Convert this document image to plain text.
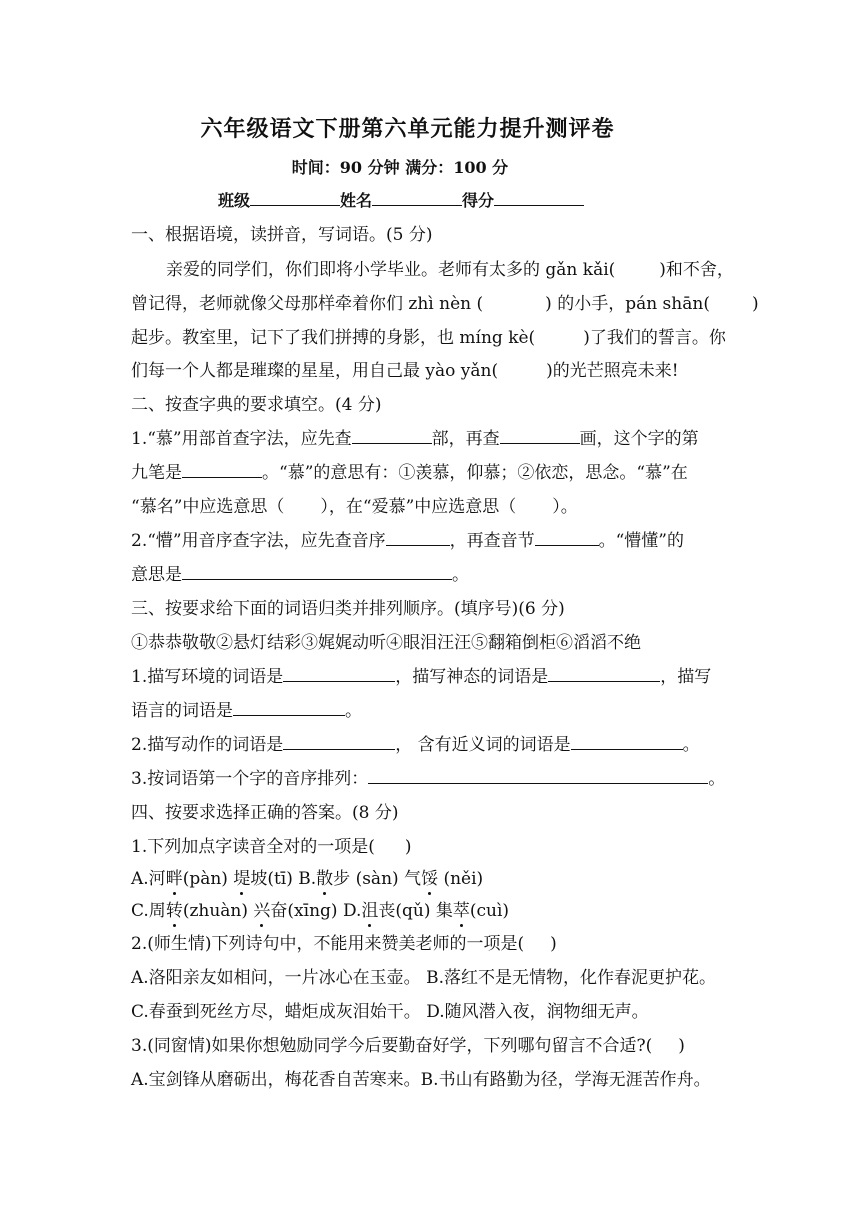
六年级语文下册第六单元能力提升测评卷
时间：90 分钟 满分：100 分
班级	姓名	得分
一、根据语境，读拼音，写词语。(5 分)
亲爱的同学们，你们即将小学毕业。老师有太多的 gǎn kǎi(	)和不舍，
曾记得，老师就像父母那样牵着你们 zhì nèn (	) 的小手，pán shān( )
起步。教室里，记下了我们拼搏的身影，也 míng kè(	)了我们的誓言。你
们每一个人都是璀璨的星星，用自己最 yào yǎn(	)的光芒照亮未来!
二、按查字典的要求填空。(4 分)
1.“慕”用部首查字法，应先查	部，再查	画，这个字的第
九笔是	。“慕”的意思有：①羡慕，仰慕；②依恋，思念。“慕”在
“慕名”中应选意思（ ），在“爱慕”中应选意思（ ）。
2.“懵”用音序查字法，应先查音序	，再查音节	。“懵懂”的
意思是	。
三、按要求给下面的词语归类并排列顺序。(填序号)(6 分)
①恭恭敬敬②悬灯结彩③娓娓动听④眼泪汪汪⑤翻箱倒柜⑥滔滔不绝
1.描写环境的词语是	，描写神态的词语是	，描写
语言的词语是	。
2.描写动作的词语是	， 含有近义词的词语是	。
3.按词语第一个字的音序排列：	。
四、按要求选择正确的答案。(8 分)
1.下列加点字读音全对的一项是( )
A.河畔(pàn) 堤坡(tī) B.散步 (sàn) 气馁 (něi)
C.周转(zhuàn) 兴奋(xīng) D.沮丧(qǔ) 集萃(cuì)
2.(师生情)下列诗句中，不能用来赞美老师的一项是( )
A.洛阳亲友如相问，一片冰心在玉壶。 B.落红不是无情物，化作春泥更护花。
C.春蚕到死丝方尽，蜡炬成灰泪始干。 D.随风潜入夜，润物细无声。
3.(同窗情)如果你想勉励同学今后要勤奋好学，下列哪句留言不合适?( )
A.宝剑锋从磨砺出，梅花香自苦寒来。B.书山有路勤为径，学海无涯苦作舟。
